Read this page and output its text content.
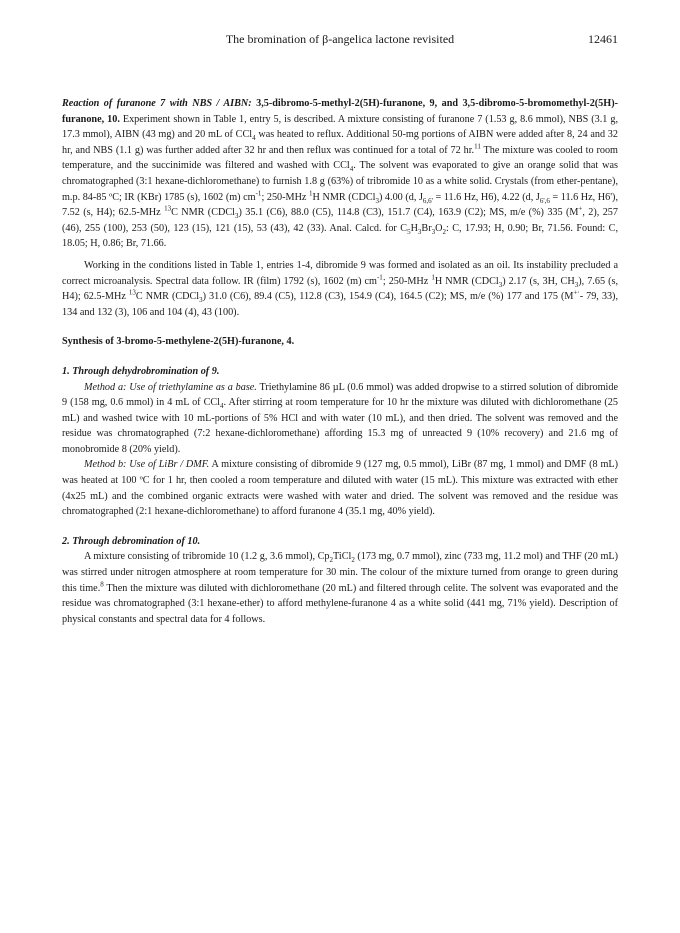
The bromination of β-angelica lactone revisited	12461

Reaction of furanone 7 with NBS / AIBN: 3,5-dibromo-5-methyl-2(5H)-furanone, 9, and 3,5-dibromo-5-bromomethyl-2(5H)-furanone, 10. Experiment shown in Table 1, entry 5, is described. A mixture consisting of furanone 7 (1.53 g, 8.6 mmol), NBS (3.1 g, 17.3 mmol), AIBN (43 mg) and 20 mL of CCl$_4$ was heated to reflux. Additional 50-mg portions of AIBN were added after 8, 24 and 32 hr, and NBS (1.1 g) was further added after 32 hr and then reflux was continued for a total of 72 hr.$^{11}$ The mixture was cooled to room temperature, and the succinimide was filtered and washed with CCl$_4$. The solvent was evaporated to give an orange solid that was chromatographed (3:1 hexane-dichloromethane) to furnish 1.8 g (63%) of tribromide 10 as a white solid. Crystals (from ether-pentane), m.p. 84-85 ºC; IR (KBr) 1785 (s), 1602 (m) $cm^{-1}$; 250-MHz $^1$H NMR (CDCl$_3$) 4.00 (d, $J_{6,6'} = 11.6$ Hz, H6), 4.22 (d, $J_{6',6} = 11.6$ Hz, H6'), 7.52 (s, H4); 62.5-MHz $^{13}$C NMR (CDCl$_3$) 35.1 (C6), 88.0 (C5), 114.8 (C3), 151.7 (C4), 163.9 (C2); MS, m/e (%) 335 (M+, 2), 257 (46), 255 (100), 253 (50), 123 (15), 121 (15), 53 (43), 42 (33). Anal. Calcd. for $C_5H_3Br_3O_2$: C, 17.93; H, 0.90; Br, 71.56. Found: C, 18.05; H, 0.86; Br, 71.66.

Working in the conditions listed in Table 1, entries 1-4, dibromide 9 was formed and isolated as an oil. Its instability precluded a correct microanalysis. Spectral data follow. IR (film) 1792 (s), 1602 (m) $cm^{-1}$; 250-MHz $^1$H NMR (CDCl$_3$) 2.17 (s, 3H, $CH_3$), 7.65 (s, H4); 62.5-MHz $^{13}$C NMR (CDCl$_3$) 31.0 (C6), 89.4 (C5), 112.8 (C3), 154.9 (C4), 164.5 (C2); MS, m/e (%) 177 and 175 (M+·- 79, 33), 134 and 132 (3), 106 and 104 (4), 43 (100).

Synthesis of 3-bromo-5-methylene-2(5H)-furanone, 4.

1. Through dehydrobromination of 9.

Method a: Use of triethylamine as a base. Triethylamine 86 µL (0.6 mmol) was added dropwise to a stirred solution of dibromide 9 (158 mg, 0.6 mmol) in 4 mL of CCl$_4$. After stirring at room temperature for 10 hr the mixture was diluted with dichloromethane (25 mL) and washed twice with 10 mL-portions of 5% HCl and with water (10 mL), and then dried. The solvent was removed and the residue was chromatographed (7:2 hexane-dichloromethane) affording 15.3 mg of unreacted 9 (10% recovery) and 21.6 mg of monobromide 8 (20% yield).

Method b: Use of LiBr / DMF. A mixture consisting of dibromide 9 (127 mg, 0.5 mmol), LiBr (87 mg, 1 mmol) and DMF (8 mL) was heated at 100 ºC for 1 hr, then cooled a room temperature and diluted with water (15 mL). This mixture was extracted with ether (4x25 mL) and the combined organic extracts were washed with water and dried. The solvent was removed and the residue was chromatographed (2:1 hexane-dichloromethane) to afford furanone 4 (35.1 mg, 40% yield).

2. Through debromination of 10.

A mixture consisting of tribromide 10 (1.2 g, 3.6 mmol), $Cp_2TiCl_2$ (173 mg, 0.7 mmol), zinc (733 mg, 11.2 mol) and THF (20 mL) was stirred under nitrogen atmosphere at room temperature for 30 min. The colour of the mixture turned from orange to green during this time.$^8$ Then the mixture was diluted with dichloromethane (20 mL) and filtered through celite. The solvent was evaporated and the residue was chromatographed (3:1 hexane-ether) to afford methylene-furanone 4 as a white solid (441 mg, 71% yield). Description of physical constants and spectral data for 4 follows.
